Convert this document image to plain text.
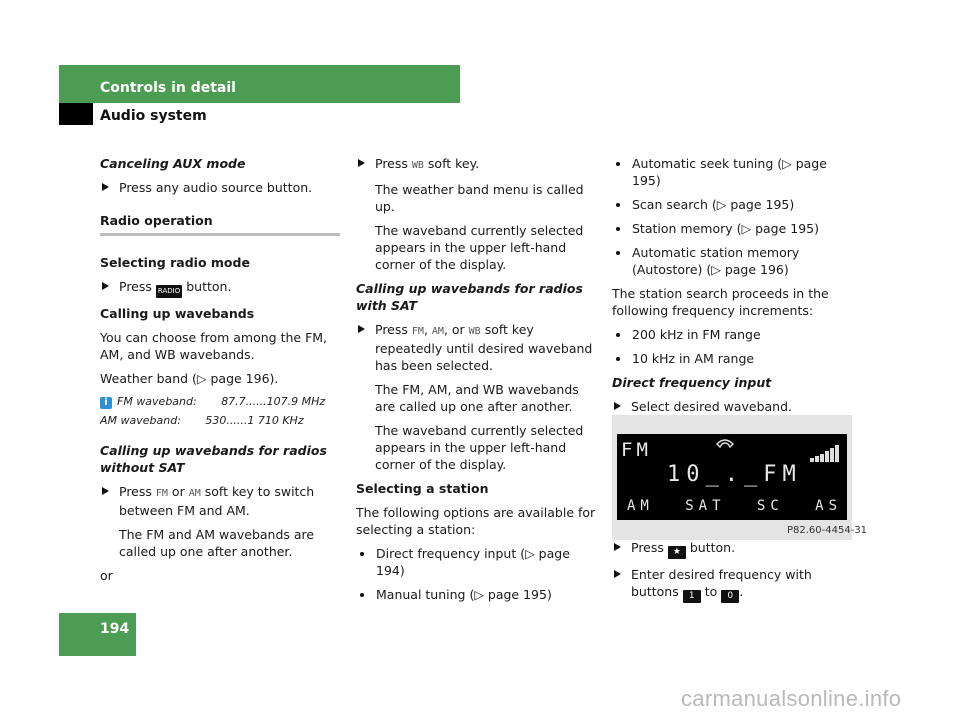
Controls in detail
Audio system

Canceling AUX mode

Press any audio source button.

Radio operation

Selecting radio mode

Press RADIO button.

Calling up wavebands

You can choose from among the FM, AM, and WB wavebands.

Weather band (▷ page 196).

i FM waveband:       87.7......107.9 MHz
AM waveband:       530......1 710 KHz

Calling up wavebands for radios without SAT

Press FM or AM soft key to switch between FM and AM.

The FM and AM wavebands are called up one after another.

or

Press WB soft key.

The weather band menu is called up.

The waveband currently selected appears in the upper left-hand corner of the display.

Calling up wavebands for radios with SAT

Press FM, AM, or WB soft key repeatedly until desired waveband has been selected.

The FM, AM, and WB wavebands are called up one after another.

The waveband currently selected appears in the upper left-hand corner of the display.

Selecting a station

The following options are available for selecting a station:

Direct frequency input (▷ page 194)

Manual tuning (▷ page 195)

Automatic seek tuning (▷ page 195)

Scan search (▷ page 195)

Station memory (▷ page 195)

Automatic station memory (Autostore) (▷ page 196)

The station search proceeds in the following frequency increments:

200 kHz in FM range

10 kHz in AM range

Direct frequency input

Select desired waveband.

FM
10_._FM
AM SAT SC AS
P82.60-4454-31

Press ★ button.

Enter desired frequency with buttons 1 to 0 .

194
carmanualsonline.info
